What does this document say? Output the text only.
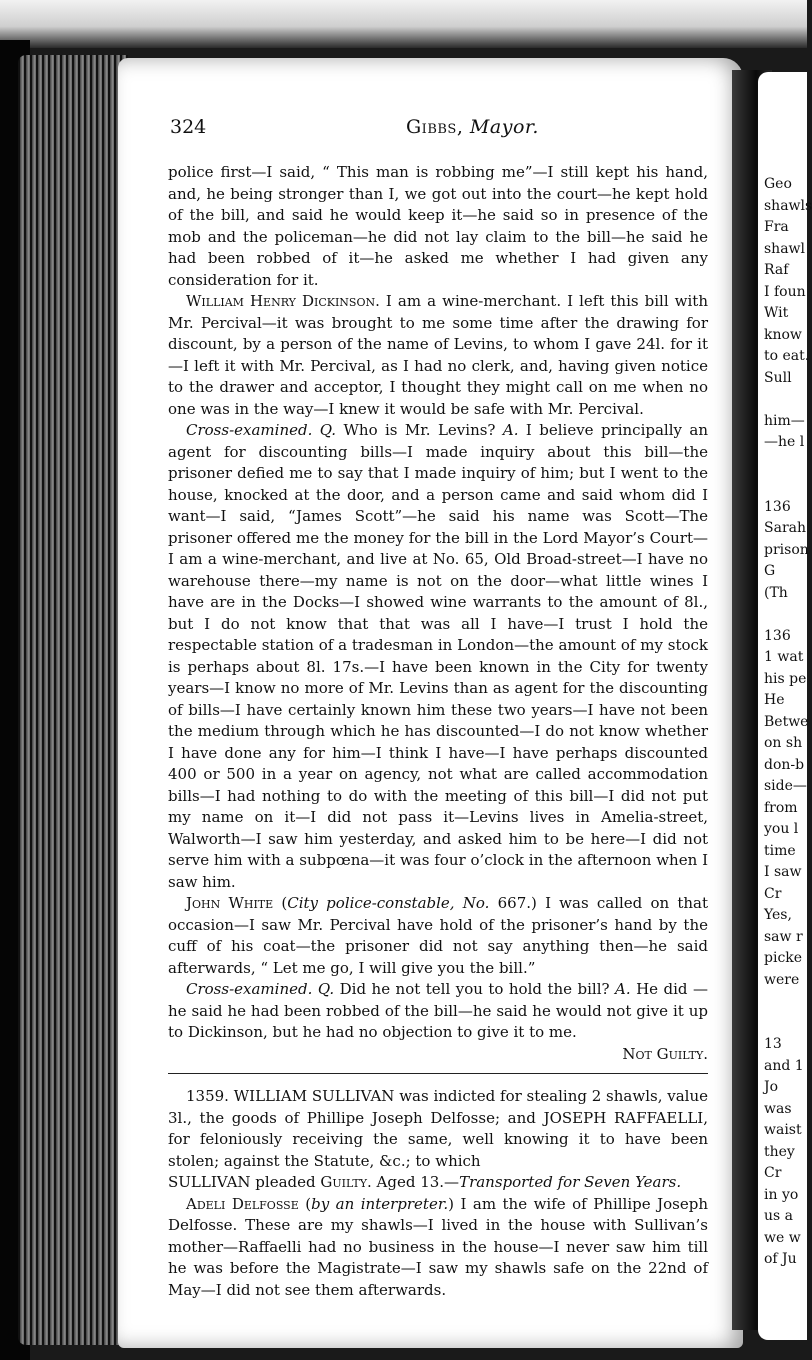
324	Gibbs, Mayor.

police first—I said, “ This man is robbing me”—I still kept his hand, and, he being stronger than I, we got out into the court—he kept hold of the bill, and said he would keep it—he said so in presence of the mob and the policeman—he did not lay claim to the bill—he said he had been robbed of it—he asked me whether I had given any consideration for it.

William Henry Dickinson. I am a wine-merchant. I left this bill with Mr. Percival—it was brought to me some time after the drawing for discount, by a person of the name of Levins, to whom I gave 24l. for it—I left it with Mr. Percival, as I had no clerk, and, having given notice to the drawer and acceptor, I thought they might call on me when no one was in the way—I knew it would be safe with Mr. Percival.

Cross-examined. Q. Who is Mr. Levins? A. I believe principally an agent for discounting bills—I made inquiry about this bill—the prisoner defied me to say that I made inquiry of him; but I went to the house, knocked at the door, and a person came and said whom did I want—I said, “James Scott”—he said his name was Scott—The prisoner offered me the money for the bill in the Lord Mayor’s Court—I am a wine-merchant, and live at No. 65, Old Broad-street—I have no warehouse there—my name is not on the door—what little wines I have are in the Docks—I showed wine warrants to the amount of 8l., but I do not know that that was all I have—I trust I hold the respectable station of a tradesman in London—the amount of my stock is perhaps about 8l. 17s.—I have been known in the City for twenty years—I know no more of Mr. Levins than as agent for the discounting of bills—I have certainly known him these two years—I have not been the medium through which he has discounted—I do not know whether I have done any for him—I think I have—I have perhaps discounted 400 or 500 in a year on agency, not what are called accommodation bills—I had nothing to do with the meeting of this bill—I did not put my name on it—I did not pass it—Levins lives in Amelia-street, Walworth—I saw him yesterday, and asked him to be here—I did not serve him with a subpœna—it was four o’clock in the afternoon when I saw him.

John White (City police-constable, No. 667.) I was called on that occasion—I saw Mr. Percival have hold of the prisoner’s hand by the cuff of his coat—the prisoner did not say anything then—he said afterwards, “ Let me go, I will give you the bill.”

Cross-examined. Q. Did he not tell you to hold the bill? A. He did —he said he had been robbed of the bill—he said he would not give it up to Dickinson, but he had no objection to give it to me.

Not Guilty.

1359. WILLIAM SULLIVAN was indicted for stealing 2 shawls, value 3l., the goods of Phillipe Joseph Delfosse; and JOSEPH RAFFAELLI, for feloniously receiving the same, well knowing it to have been stolen; against the Statute, &c.; to which

SULLIVAN pleaded Guilty. Aged 13.—Transported for Seven Years.

Adeli Delfosse (by an interpreter.) I am the wife of Phillipe Joseph Delfosse. These are my shawls—I lived in the house with Sullivan’s mother—Raffaelli had no business in the house—I never saw him till he was before the Magistrate—I saw my shawls safe on the 22nd of May—I did not see them afterwards.

Geo
shawls
Fra
shawl
Raf
I foun
Wit
know
to eat.
Sull
him—
—he l
136
Sarah
prison
G
(Th
136
1 wat
his pe
He
Betwe
on sh
don-b
side—
from
you l
time
I saw
Cr
Yes,
saw r
picke
were
13
and 1
Jo
was
waist
they
Cr
in yo
us a
we w
of Ju
